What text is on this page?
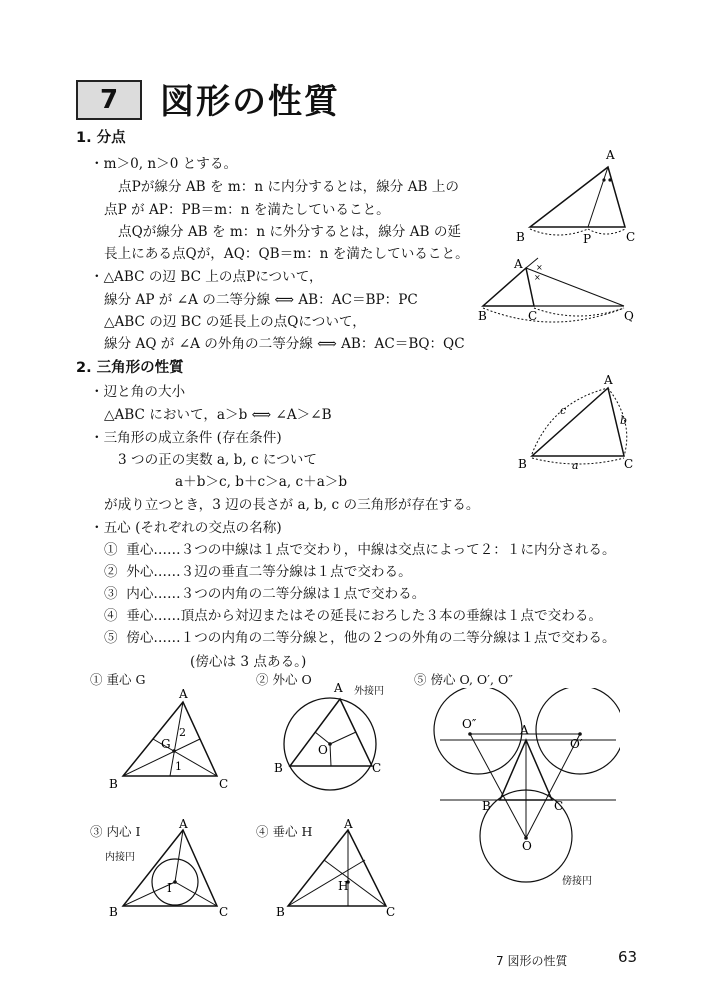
7 図形の性質
1. 分点
・m＞0, n＞0 とする。
点Pが線分 AB を m：n に内分するとは，線分 AB 上の
点P が AP：PB＝m：n を満たしていること。
点Qが線分 AB を m：n に外分するとは，線分 AB の延
長上にある点Qが，AQ：QB＝m：n を満たしていること。
・△ABC の辺 BC 上の点Pについて，
線分 AP が ∠A の二等分線 ⟺ AB：AC＝BP：PC
△ABC の辺 BC の延長上の点Qについて，
線分 AQ が ∠A の外角の二等分線 ⟺ AB：AC＝BQ：QC
2. 三角形の性質
・辺と角の大小
△ABC において，a＞b ⟺ ∠A＞∠B
・三角形の成立条件 (存在条件)
3 つの正の実数 a, b, c について
a＋b＞c, b＋c＞a, c＋a＞b
が成り立つとき，3 辺の長さが a, b, c の三角形が存在する。
・五心 (それぞれの交点の名称)
① 重心……３つの中線は１点で交わり，中線は交点によって２：１に内分される。
② 外心……３辺の垂直二等分線は１点で交わる。
③ 内心……３つの内角の二等分線は１点で交わる。
④ 垂心……頂点から対辺またはその延長におろした３本の垂線は１点で交わる。
⑤ 傍心……１つの内角の二等分線と，他の２つの外角の二等分線は１点で交わる。
(傍心は 3 点ある。)
A
B	P	C
×
×
A
B	C	Q
A
B	C
a
b
c
① 重心 G	② 外心 O	⑤ 傍心 O, O′, O″
③ 内心 I	④ 垂心 H
G
2
1
A
B	C
O
A
B	C
外接円
A
B	C
O
O′
O″
傍接円
I
A
B	C
内接円
H
A
B	C
7 図形の性質	63
